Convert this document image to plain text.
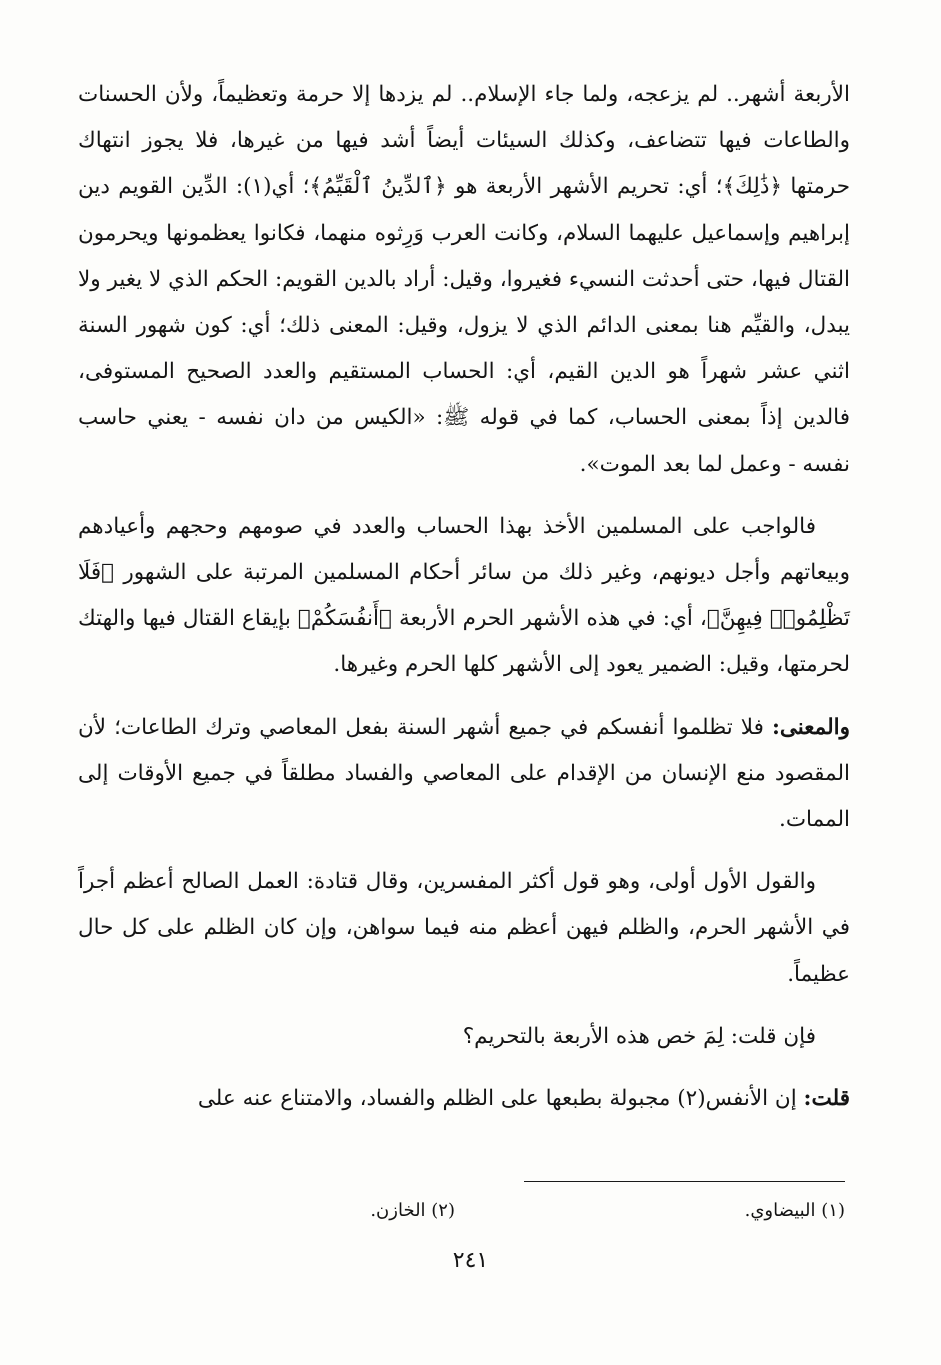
الأربعة أشهر.. لم يزعجه، ولما جاء الإسلام.. لم يزدها إلا حرمة وتعظيماً، ولأن الحسنات والطاعات فيها تتضاعف، وكذلك السيئات أيضاً أشد فيها من غيرها، فلا يجوز انتهاك حرمتها ﴿ذَٰلِكَ﴾؛ أي: تحريم الأشهر الأربعة هو ﴿ٱلدِّينُ ٱلْقَيِّمُ﴾؛ أي(١): الدِّين القويم دين إبراهيم وإسماعيل عليهما السلام، وكانت العرب وَرِثوه منهما، فكانوا يعظمونها ويحرمون القتال فيها، حتى أحدثت النسيء فغيروا، وقيل: أراد بالدين القويم: الحكم الذي لا يغير ولا يبدل، والقيِّم هنا بمعنى الدائم الذي لا يزول، وقيل: المعنى ذلك؛ أي: كون شهور السنة اثني عشر شهراً هو الدين القيم، أي: الحساب المستقيم والعدد الصحيح المستوفى، فالدين إذاً بمعنى الحساب، كما في قوله ﷺ: «الكيس من دان نفسه - يعني حاسب نفسه - وعمل لما بعد الموت».

فالواجب على المسلمين الأخذ بهذا الحساب والعدد في صومهم وحجهم وأعيادهم وبيعاتهم وأجل ديونهم، وغير ذلك من سائر أحكام المسلمين المرتبة على الشهور ﴿فَلَا تَظْلِمُوا۟ فِيهِنَّ﴾، أي: في هذه الأشهر الحرم الأربعة ﴿أَنفُسَكُمْ﴾ بإيقاع القتال فيها والهتك لحرمتها، وقيل: الضمير يعود إلى الأشهر كلها الحرم وغيرها.

والمعنى: فلا تظلموا أنفسكم في جميع أشهر السنة بفعل المعاصي وترك الطاعات؛ لأن المقصود منع الإنسان من الإقدام على المعاصي والفساد مطلقاً في جميع الأوقات إلى الممات.

والقول الأول أولى، وهو قول أكثر المفسرين، وقال قتادة: العمل الصالح أعظم أجراً في الأشهر الحرم، والظلم فيهن أعظم منه فيما سواهن، وإن كان الظلم على كل حال عظيماً.

فإن قلت: لِمَ خص هذه الأربعة بالتحريم؟

قلت: إن الأنفس(٢) مجبولة بطبعها على الظلم والفساد، والامتناع عنه على

(١) البيضاوي.
(٢) الخازن.
٢٤١
